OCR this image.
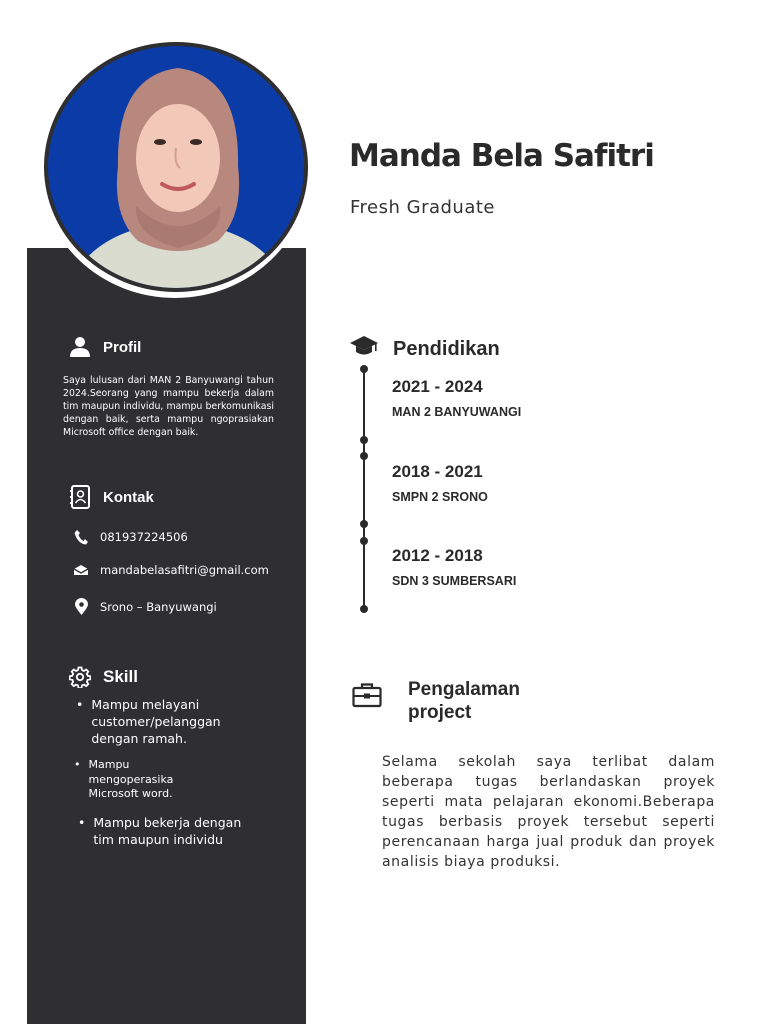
Manda Bela Safitri
Fresh Graduate
Profil

Saya lulusan dari MAN 2 Banyuwangi tahun 2024.Seorang yang mampu bekerja dalam tim maupun individu, mampu berkomunikasi dengan baik, serta mampu ngoprasiakan Microsoft office dengan baik.

Kontak
081937224506
mandabelasafitri@gmail.com
Srono – Banyuwangi
Skill
• Mampu melayani customer/pelanggan dengan ramah.
• Mampu mengoperasika Microsoft word.
• Mampu bekerja dengan tim maupun individu
Pendidikan
2021 - 2024
MAN 2 BANYUWANGI
2018 - 2021
SMPN 2 SRONO
2012 - 2018
SDN 3 SUMBERSARI
Pengalaman
project

Selama sekolah saya terlibat dalam beberapa tugas berlandaskan proyek seperti mata pelajaran ekonomi.Beberapa tugas berbasis proyek tersebut seperti perencanaan harga jual produk dan proyek analisis biaya produksi.
